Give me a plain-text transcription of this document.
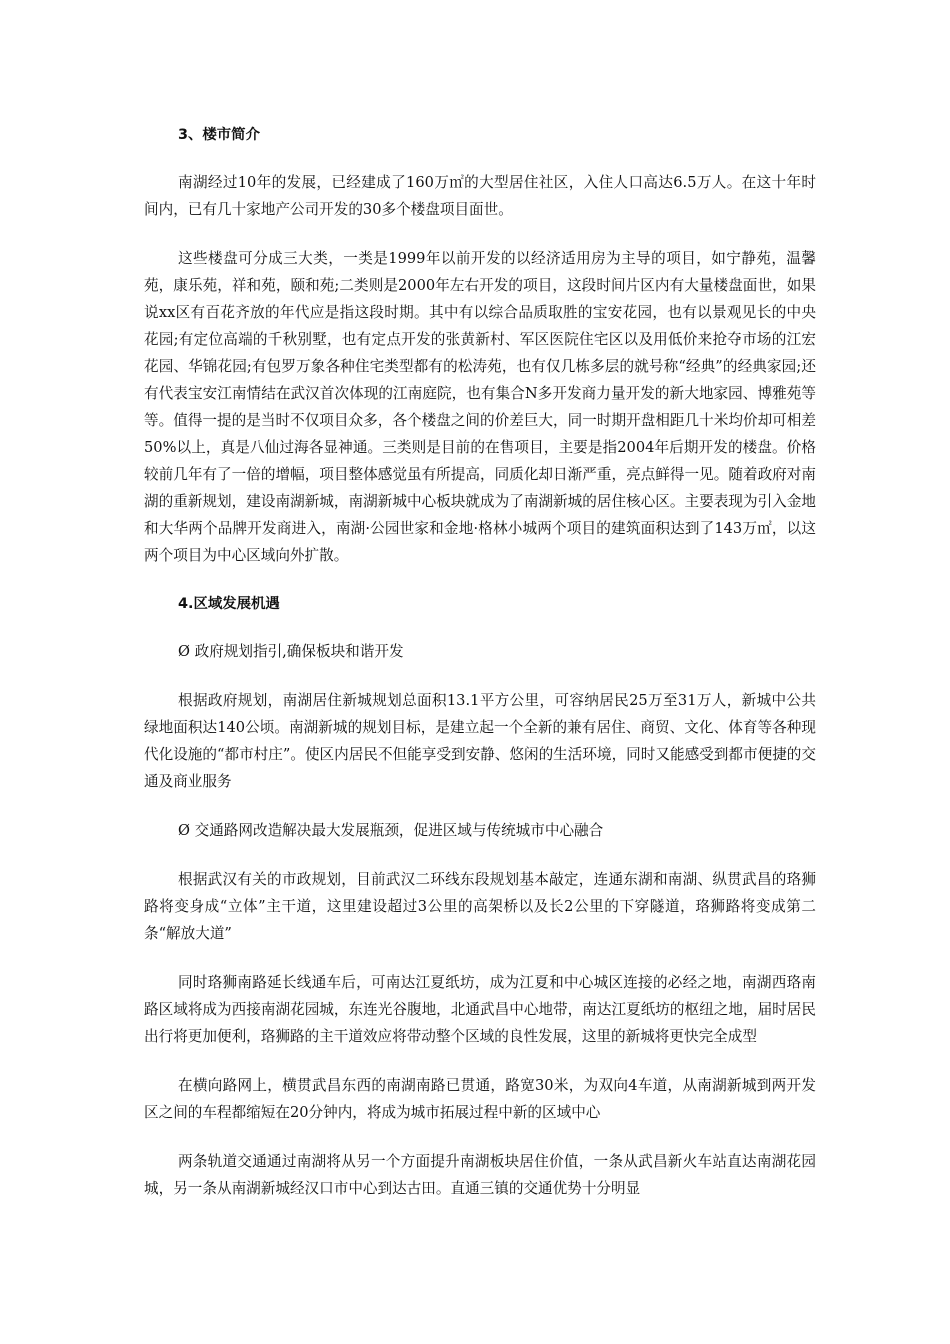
3、楼市简介

南湖经过10年的发展，已经建成了160万㎡的大型居住社区，入住人口高达6.5万人。在这十年时间内，已有几十家地产公司开发的30多个楼盘项目面世。

这些楼盘可分成三大类，一类是1999年以前开发的以经济适用房为主导的项目，如宁静苑，温馨苑，康乐苑，祥和苑，颐和苑;二类则是2000年左右开发的项目，这段时间片区内有大量楼盘面世，如果说xx区有百花齐放的年代应是指这段时期。其中有以综合品质取胜的宝安花园，也有以景观见长的中央花园;有定位高端的千秋别墅，也有定点开发的张黄新村、军区医院住宅区以及用低价来抢夺市场的江宏花园、华锦花园;有包罗万象各种住宅类型都有的松涛苑，也有仅几栋多层的就号称“经典”的经典家园;还有代表宝安江南情结在武汉首次体现的江南庭院，也有集合N多开发商力量开发的新大地家园、博雅苑等等。值得一提的是当时不仅项目众多，各个楼盘之间的价差巨大，同一时期开盘相距几十米均价却可相差50%以上，真是八仙过海各显神通。三类则是目前的在售项目，主要是指2004年后期开发的楼盘。价格较前几年有了一倍的增幅，项目整体感觉虽有所提高，同质化却日渐严重，亮点鲜得一见。随着政府对南湖的重新规划，建设南湖新城，南湖新城中心板块就成为了南湖新城的居住核心区。主要表现为引入金地和大华两个品牌开发商进入，南湖·公园世家和金地·格林小城两个项目的建筑面积达到了143万㎡，以这两个项目为中心区域向外扩散。

4.区域发展机遇

Ø 政府规划指引,确保板块和谐开发

根据政府规划，南湖居住新城规划总面积13.1平方公里，可容纳居民25万至31万人，新城中公共绿地面积达140公顷。南湖新城的规划目标，是建立起一个全新的兼有居住、商贸、文化、体育等各种现代化设施的“都市村庄”。使区内居民不但能享受到安静、悠闲的生活环境，同时又能感受到都市便捷的交通及商业服务

Ø 交通路网改造解决最大发展瓶颈，促进区域与传统城市中心融合

根据武汉有关的市政规划，目前武汉二环线东段规划基本敲定，连通东湖和南湖、纵贯武昌的珞狮路将变身成“立体”主干道，这里建设超过3公里的高架桥以及长2公里的下穿隧道，珞狮路将变成第二条“解放大道”

同时珞狮南路延长线通车后，可南达江夏纸坊，成为江夏和中心城区连接的必经之地，南湖西珞南路区域将成为西接南湖花园城，东连光谷腹地，北通武昌中心地带，南达江夏纸坊的枢纽之地，届时居民出行将更加便利，珞狮路的主干道效应将带动整个区域的良性发展，这里的新城将更快完全成型

在横向路网上，横贯武昌东西的南湖南路已贯通，路宽30米，为双向4车道，从南湖新城到两开发区之间的车程都缩短在20分钟内，将成为城市拓展过程中新的区域中心

两条轨道交通通过南湖将从另一个方面提升南湖板块居住价值，一条从武昌新火车站直达南湖花园城，另一条从南湖新城经汉口市中心到达古田。直通三镇的交通优势十分明显
